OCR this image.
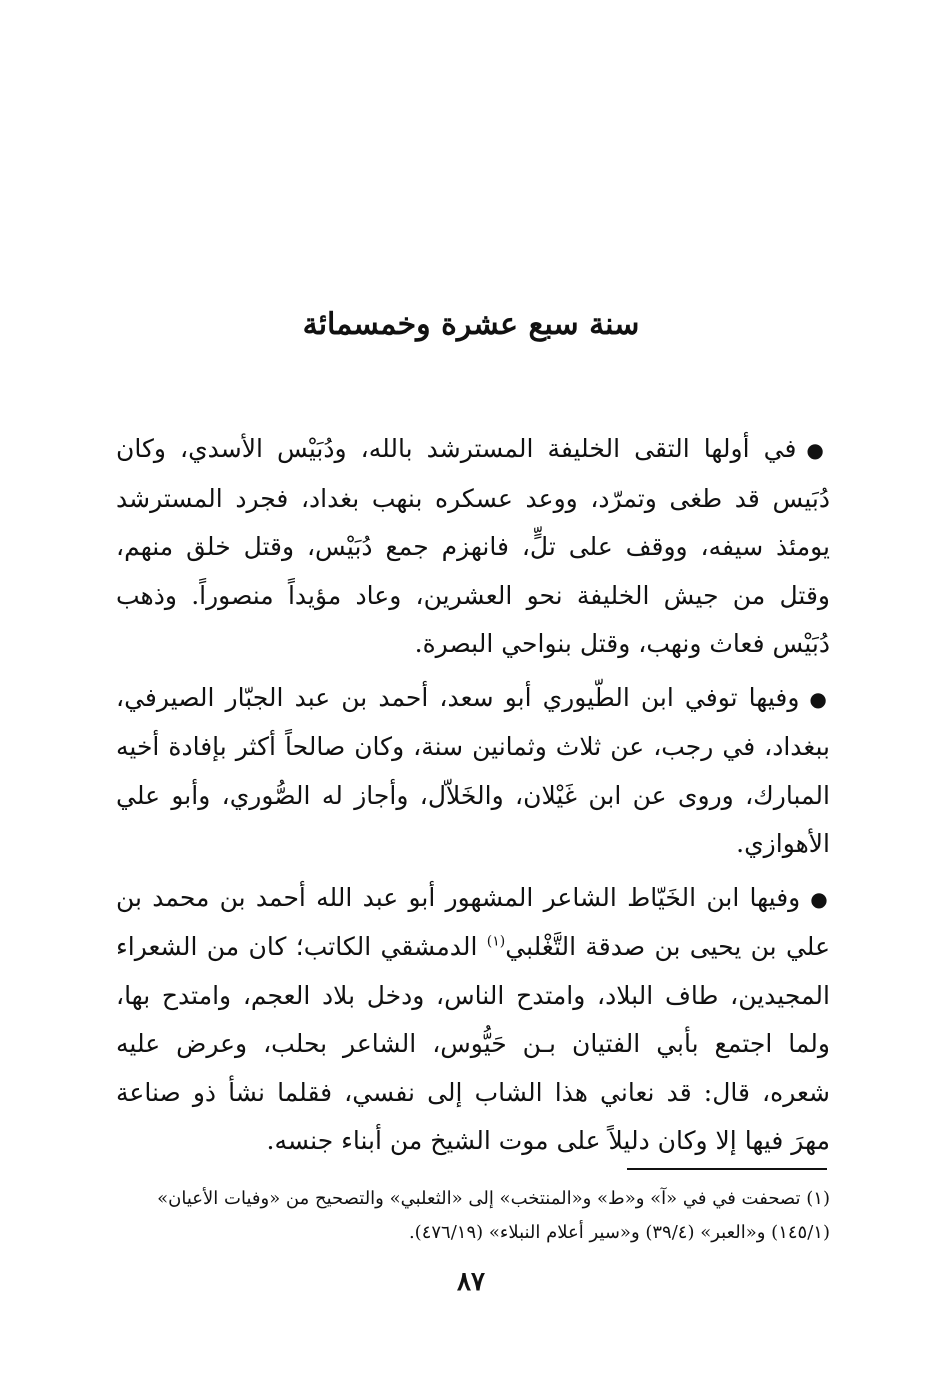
سنة سبع عشرة وخمسمائة

●في أولها التقى الخليفة المسترشد بالله، ودُبَيْس الأسدي، وكان دُبَيس قد طغى وتمرّد، ووعد عسكره بنهب بغداد، فجرد المسترشد يومئذ سيفه، ووقف على تلٍّ، فانهزم جمع دُبَيْس، وقتل خلق منهم، وقتل من جيش الخليفة نحو العشرين، وعاد مؤيداً منصوراً. وذهب دُبَيْس فعاث ونهب، وقتل بنواحي البصرة.

●وفيها توفي ابن الطّيوري أبو سعد، أحمد بن عبد الجبّار الصيرفي، ببغداد، في رجب، عن ثلاث وثمانين سنة، وكان صالحاً أكثر بإفادة أخيه المبارك، وروى عن ابن غَيْلان، والخَلاّل، وأجاز له الصُّوري، وأبو علي الأهوازي.

●وفيها ابن الخَيّاط الشاعر المشهور أبو عبد الله أحمد بن محمد بن علي بن يحيى بن صدقة التَّغْلبي$^{(١)}$ الدمشقي الكاتب؛ كان من الشعراء المجيدين، طاف البلاد، وامتدح الناس، ودخل بلاد العجم، وامتدح بها، ولما اجتمع بأبي الفتيان بـن حَيُّوس، الشاعر بحلب، وعرض عليه شعره، قال: قد نعاني هذا الشاب إلى نفسي، فقلما نشأ ذو صناعة مهرَ فيها إلا وكان دليلاً على موت الشيخ من أبناء جنسه.

(١) تصحفت في في «آ» و«ط» و«المنتخب» إلى «الثعلبي» والتصحيح من «وفيات الأعيان»

(١٤٥/١) و«العبر» (٣٩/٤) و«سير أعلام النبلاء» (٤٧٦/١٩).

٨٧
